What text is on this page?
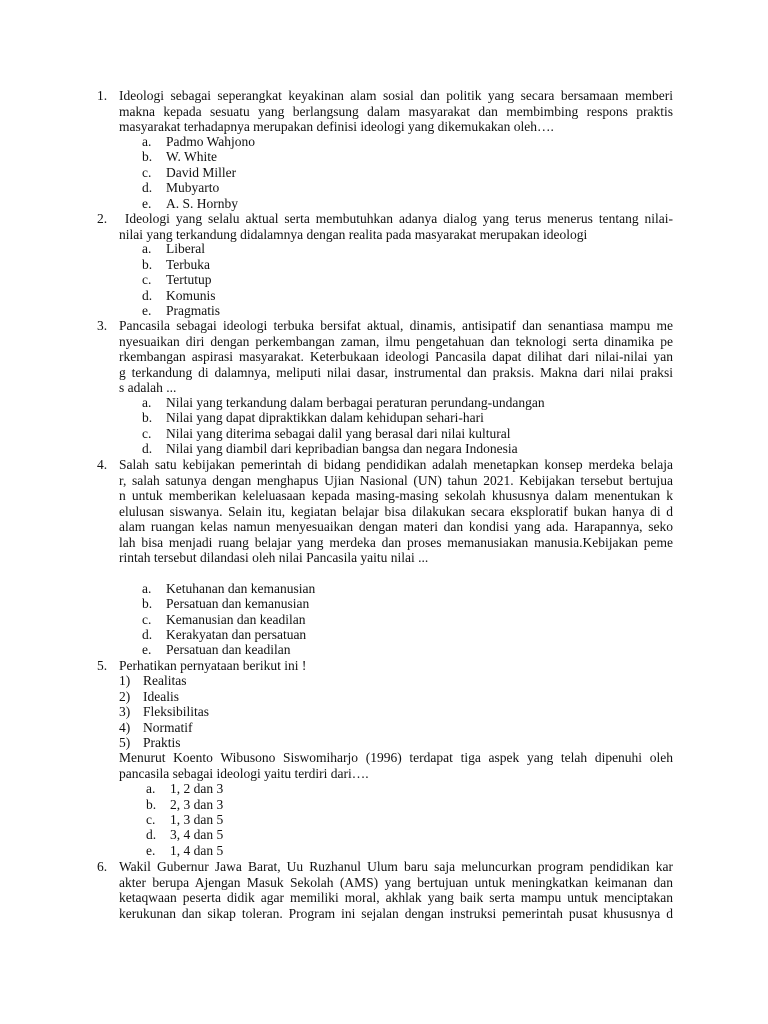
1. Ideologi sebagai seperangkat keyakinan alam sosial dan politik yang secara bersamaan memberi
makna kepada sesuatu yang berlangsung dalam masyarakat dan membimbing respons praktis
masyarakat terhadapnya merupakan definisi ideologi yang dikemukakan oleh….
a. Padmo Wahjono
b. W. White
c. David Miller
d. Mubyarto
e. A. S. Hornby
2. Ideologi yang selalu aktual serta membutuhkan adanya dialog yang terus menerus tentang nilai-
nilai yang terkandung didalamnya dengan realita pada masyarakat merupakan ideologi
a. Liberal
b. Terbuka
c. Tertutup
d. Komunis
e. Pragmatis
3. Pancasila sebagai ideologi terbuka bersifat aktual, dinamis, antisipatif dan senantiasa mampu me
nyesuaikan diri dengan perkembangan zaman, ilmu pengetahuan dan teknologi serta dinamika pe
rkembangan aspirasi masyarakat. Keterbukaan ideologi Pancasila dapat dilihat dari nilai-nilai yan
g terkandung di dalamnya, meliputi nilai dasar, instrumental dan praksis. Makna dari nilai praksi
s adalah ...
a. Nilai yang terkandung dalam berbagai peraturan perundang-undangan
b. Nilai yang dapat dipraktikkan dalam kehidupan sehari-hari
c. Nilai yang diterima sebagai dalil yang berasal dari nilai kultural
d. Nilai yang diambil dari kepribadian bangsa dan negara Indonesia
4. Salah satu kebijakan pemerintah di bidang pendidikan adalah menetapkan konsep merdeka belaja
r, salah satunya dengan menghapus Ujian Nasional (UN) tahun 2021. Kebijakan tersebut bertujua
n untuk memberikan keleluasaan kepada masing-masing sekolah khususnya dalam menentukan k
elulusan siswanya. Selain itu, kegiatan belajar bisa dilakukan secara eksploratif bukan hanya di d
alam ruangan kelas namun menyesuaikan dengan materi dan kondisi yang ada. Harapannya, seko
lah bisa menjadi ruang belajar yang merdeka dan proses memanusiakan manusia.Kebijakan peme
rintah tersebut dilandasi oleh nilai Pancasila yaitu nilai ...
a. Ketuhanan dan kemanusian
b. Persatuan dan kemanusian
c. Kemanusian dan keadilan
d. Kerakyatan dan persatuan
e. Persatuan dan keadilan
5. Perhatikan pernyataan berikut ini !
1) Realitas
2) Idealis
3) Fleksibilitas
4) Normatif
5) Praktis
Menurut Koento Wibusono Siswomiharjo (1996) terdapat tiga aspek yang telah dipenuhi oleh
pancasila sebagai ideologi yaitu terdiri dari….
a. 1, 2 dan 3
b. 2, 3 dan 3
c. 1, 3 dan 5
d. 3, 4 dan 5
e. 1, 4 dan 5
6. Wakil Gubernur Jawa Barat, Uu Ruzhanul Ulum baru saja meluncurkan program pendidikan kar
akter berupa Ajengan Masuk Sekolah (AMS) yang bertujuan untuk meningkatkan keimanan dan
ketaqwaan peserta didik agar memiliki moral, akhlak yang baik serta mampu untuk menciptakan
kerukunan dan sikap toleran. Program ini sejalan dengan instruksi pemerintah pusat khususnya d
